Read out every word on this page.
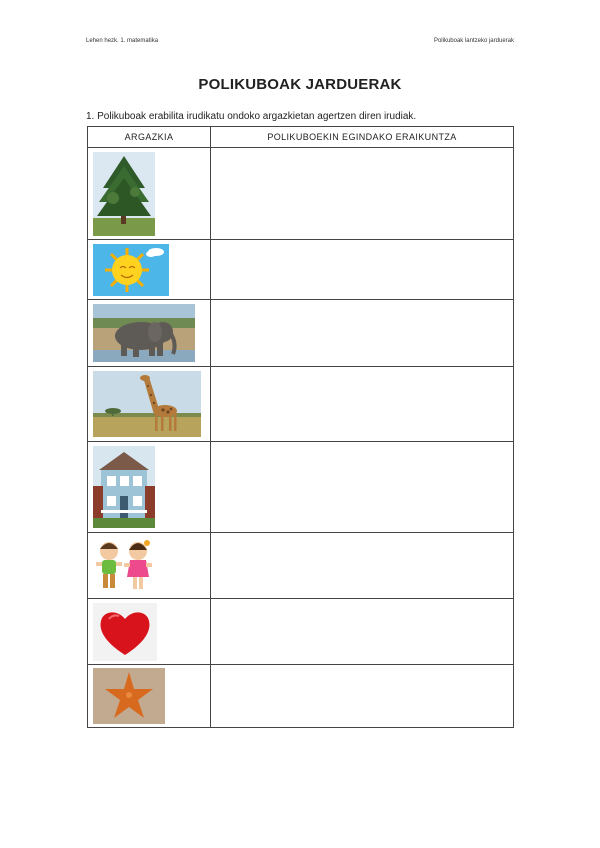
Lehen hezk. 1. matematika	Polikuboak lantzeko jarduerak
POLIKUBOAK JARDUERAK
1. Polikuboak erabilita irudikatu ondoko argazkietan agertzen diren irudiak.
ARGAZKIA	POLIKUBOEKIN EGINDAKO ERAIKUNTZA
